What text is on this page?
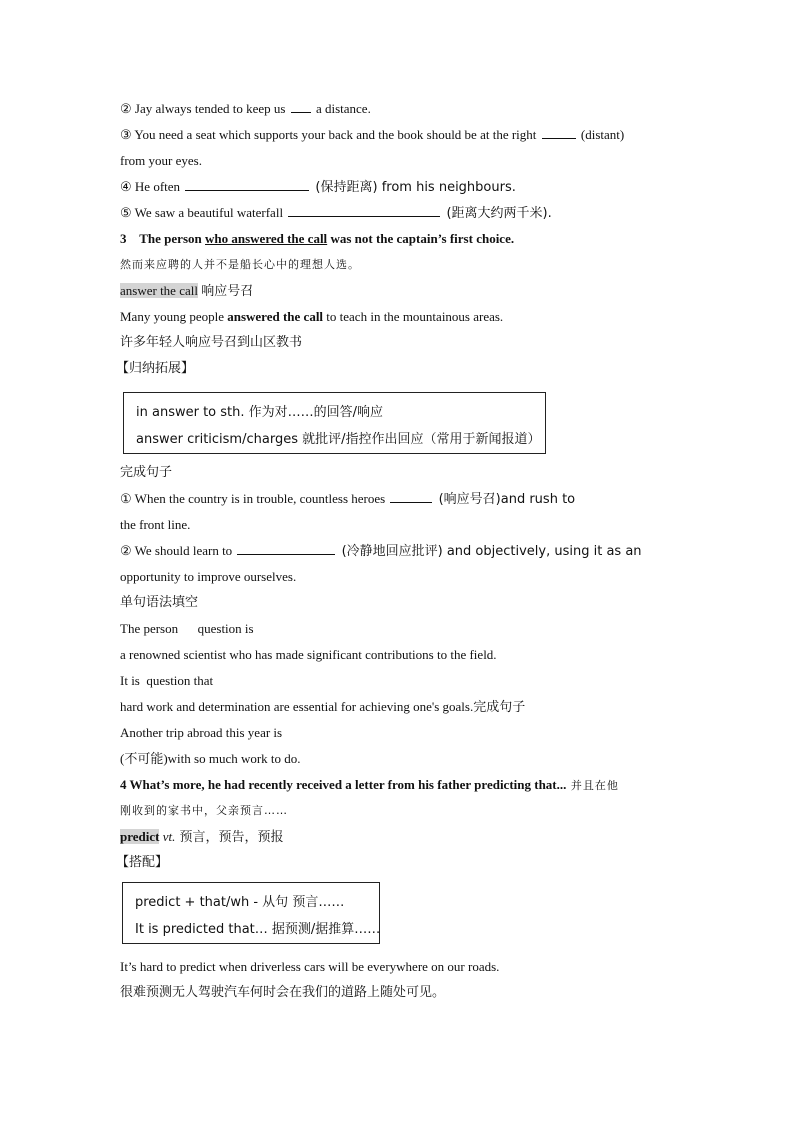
② Jay always tended to keep us  a distance.
③ You need a seat which supports your back and the book should be at the right	(distant)
from your eyes.
④ He often	(保持距离) from his neighbours.
⑤ We saw a beautiful waterfall	(距离大约两千米).
3 The person who answered the call was not the captain’s first choice.
然而来应聘的人并不是船长心中的理想人选。
answer the call 响应号召
Many young people answered the call to teach in the mountainous areas.
许多年轻人响应号召到山区教书
【归纳拓展】
in answer to sth. 作为对……的回答/响应
answer criticism/charges 就批评/指控作出回应（常用于新闻报道）
完成句子
① When the country is in trouble, countless heroes	(响应号召)and rush to
the front line.
② We should learn to	(冷静地回应批评) and objectively, using it as an
opportunity to improve ourselves.
单句语法填空
The person      question is
a renowned scientist who has made significant contributions to the field.
It is  question that
hard work and determination are essential for achieving one's goals.完成句子
Another trip abroad this year is
(不可能)with so much work to do.
4 What’s more, he had recently received a letter from his father predicting that... 并且在他
刚收到的家书中，父亲预言……
predict vt. 预言，预告，预报
【搭配】
predict + that/wh - 从句 预言……
It is predicted that… 据预测/据推算……
It’s hard to predict when driverless cars will be everywhere on our roads.
很难预测无人驾驶汽车何时会在我们的道路上随处可见。
